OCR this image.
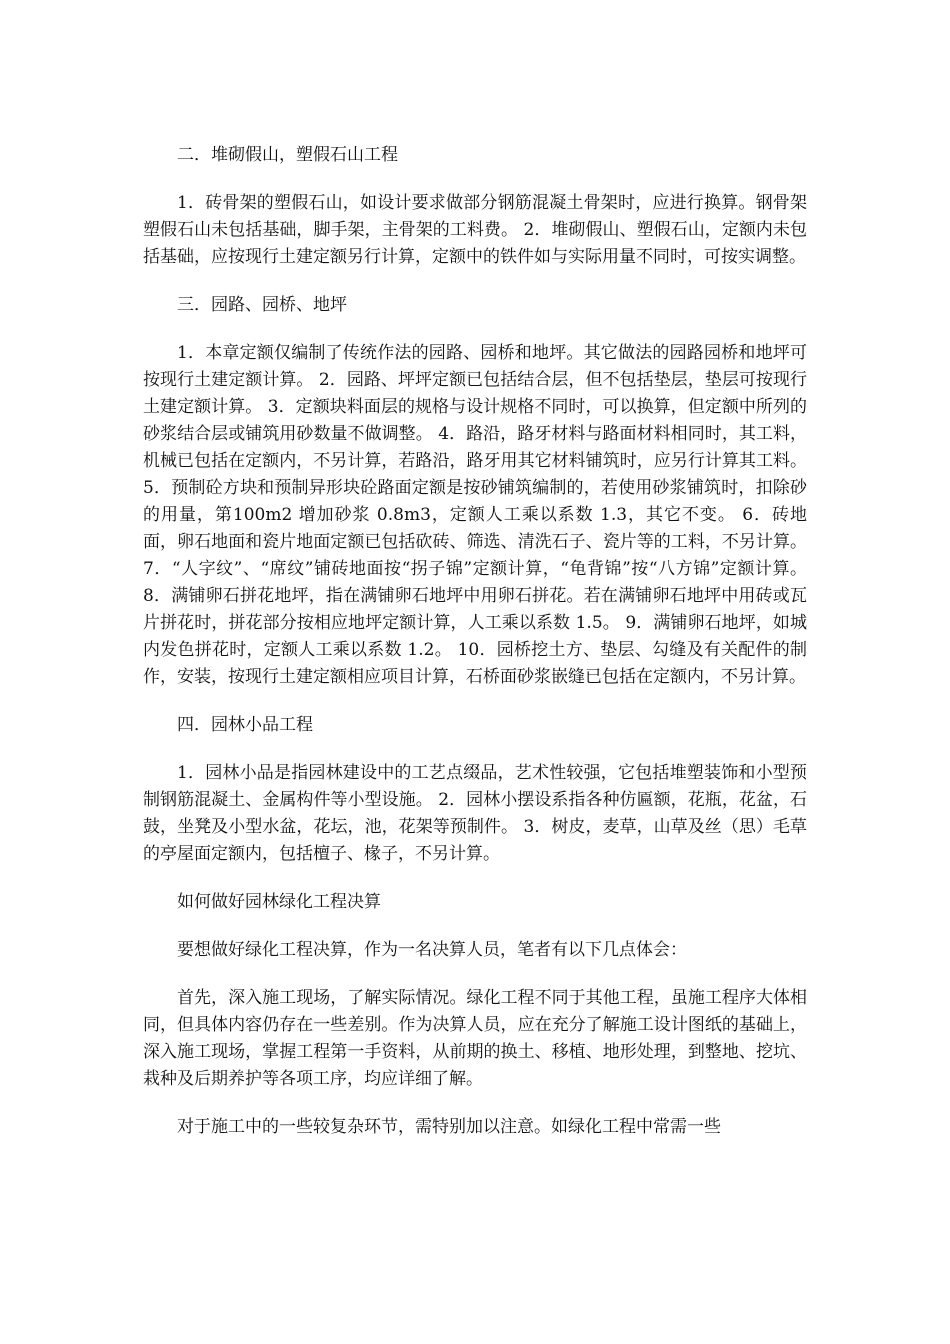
二．堆砌假山，塑假石山工程

1．砖骨架的塑假石山，如设计要求做部分钢筋混凝土骨架时，应进行换算。钢骨架塑假石山未包括基础，脚手架，主骨架的工料费。 2．堆砌假山、塑假石山，定额内未包括基础，应按现行土建定额另行计算，定额中的铁件如与实际用量不同时，可按实调整。

三．园路、园桥、地坪

1．本章定额仅编制了传统作法的园路、园桥和地坪。其它做法的园路园桥和地坪可按现行土建定额计算。 2．园路、坪坪定额已包括结合层，但不包括垫层，垫层可按现行土建定额计算。 3．定额块料面层的规格与设计规格不同时，可以换算，但定额中所列的砂浆结合层或铺筑用砂数量不做调整。 4．路沿，路牙材料与路面材料相同时，其工料，机械已包括在定额内，不另计算，若路沿，路牙用其它材料铺筑时，应另行计算其工料。 5．预制砼方块和预制异形块砼路面定额是按砂铺筑编制的，若使用砂浆铺筑时，扣除砂的用量，第100m2 增加砂浆 0.8m3，定额人工乘以系数 1.3，其它不变。 6．砖地面，卵石地面和瓷片地面定额已包括砍砖、筛选、清洗石子、瓷片等的工料，不另计算。 7．“人字纹”、“席纹”铺砖地面按“拐子锦”定额计算，“龟背锦”按“八方锦”定额计算。 8．满铺卵石拼花地坪，指在满铺卵石地坪中用卵石拼花。若在满铺卵石地坪中用砖或瓦片拼花时，拼花部分按相应地坪定额计算，人工乘以系数 1.5。 9．满铺卵石地坪，如城内发色拼花时，定额人工乘以系数 1.2。 10．园桥挖土方、垫层、勾缝及有关配件的制作，安装，按现行土建定额相应项目计算，石桥面砂浆嵌缝已包括在定额内，不另计算。

四．园林小品工程

1．园林小品是指园林建设中的工艺点缀品，艺术性较强，它包括堆塑装饰和小型预制钢筋混凝土、金属构件等小型设施。 2．园林小摆设系指各种仿匾额，花瓶，花盆，石鼓，坐凳及小型水盆，花坛，池，花架等预制件。 3．树皮，麦草，山草及丝（思）毛草的亭屋面定额内，包括檀子、椽子，不另计算。

如何做好园林绿化工程决算

要想做好绿化工程决算，作为一名决算人员，笔者有以下几点体会：

首先，深入施工现场，了解实际情况。绿化工程不同于其他工程，虽施工程序大体相同，但具体内容仍存在一些差别。作为决算人员，应在充分了解施工设计图纸的基础上，深入施工现场，掌握工程第一手资料，从前期的换土、移植、地形处理，到整地、挖坑、栽种及后期养护等各项工序，均应详细了解。

对于施工中的一些较复杂环节，需特别加以注意。如绿化工程中常需一些
